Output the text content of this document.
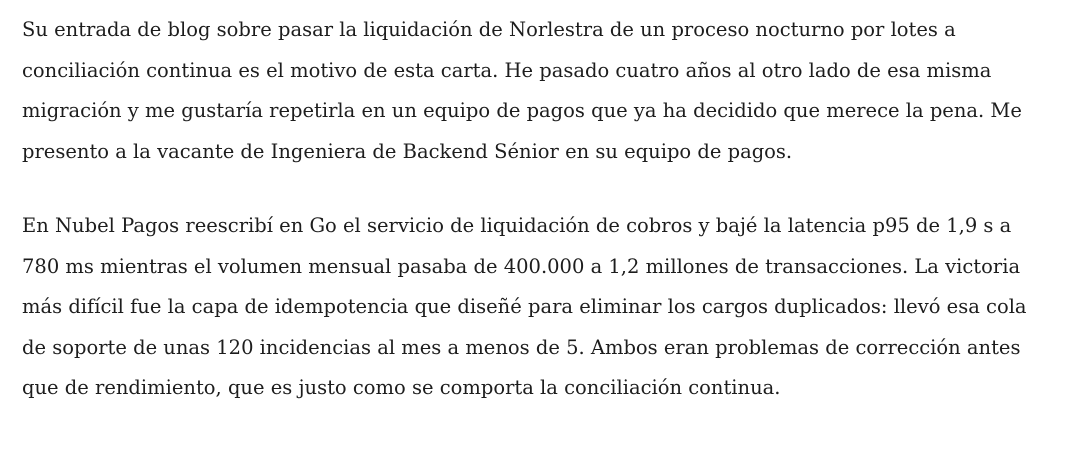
Su entrada de blog sobre pasar la liquidación de Norlestra de un proceso nocturno por lotes a
conciliación continua es el motivo de esta carta. He pasado cuatro años al otro lado de esa misma
migración y me gustaría repetirla en un equipo de pagos que ya ha decidido que merece la pena. Me
presento a la vacante de Ingeniera de Backend Sénior en su equipo de pagos.

En Nubel Pagos reescribí en Go el servicio de liquidación de cobros y bajé la latencia p95 de 1,9 s a
780 ms mientras el volumen mensual pasaba de 400.000 a 1,2 millones de transacciones. La victoria
más difícil fue la capa de idempotencia que diseñé para eliminar los cargos duplicados: llevó esa cola
de soporte de unas 120 incidencias al mes a menos de 5. Ambos eran problemas de corrección antes
que de rendimiento, que es justo como se comporta la conciliación continua.
